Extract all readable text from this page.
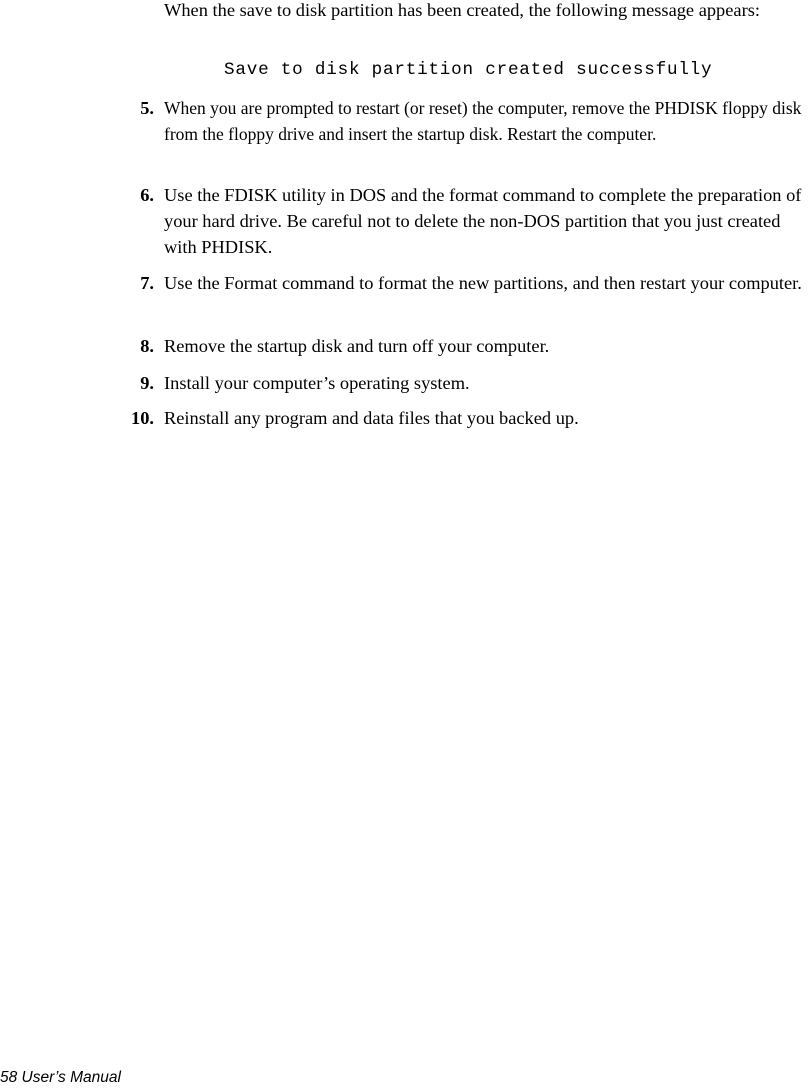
When the save to disk partition has been created, the following message appears:

Save to disk partition created successfully
5. When you are prompted to restart (or reset) the computer, remove the PHDISK floppy disk from the floppy drive and insert the startup disk. Restart the computer.

6. Use the FDISK utility in DOS and the format command to complete the preparation of your hard drive. Be careful not to delete the non-DOS partition that you just created with PHDISK.

7. Use the Format command to format the new partitions, and then restart your computer.

8. Remove the startup disk and turn off your computer.

9. Install your computer’s operating system.

10. Reinstall any program and data files that you backed up.

58 User’s Manual
